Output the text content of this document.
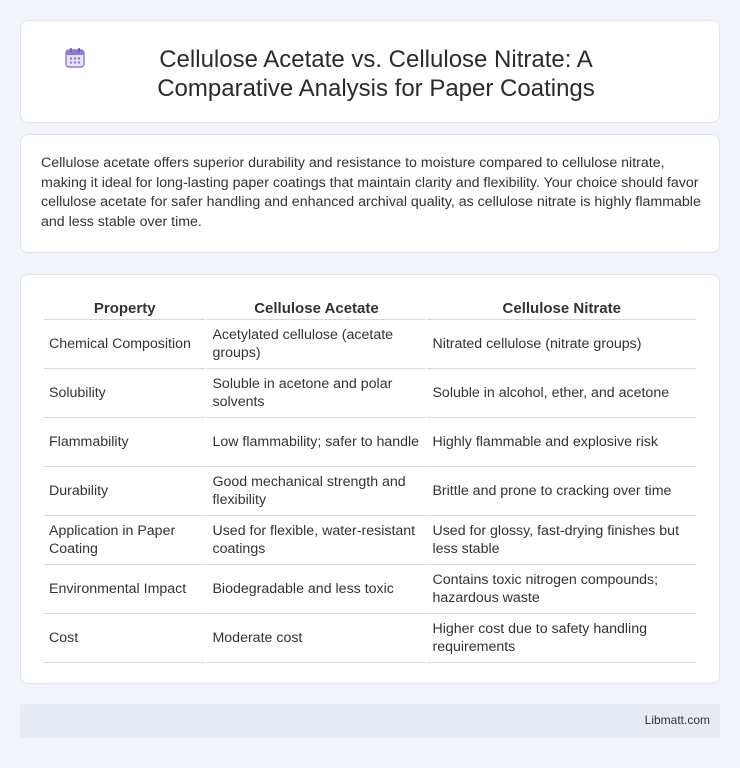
Cellulose Acetate vs. Cellulose Nitrate: A Comparative Analysis for Paper Coatings

Cellulose acetate offers superior durability and resistance to moisture compared to cellulose nitrate, making it ideal for long-lasting paper coatings that maintain clarity and flexibility. Your choice should favor cellulose acetate for safer handling and enhanced archival quality, as cellulose nitrate is highly flammable and less stable over time.

Property	Cellulose Acetate	Cellulose Nitrate
Chemical Composition	Acetylated cellulose (acetate groups)	Nitrated cellulose (nitrate groups)
Solubility	Soluble in acetone and polar solvents	Soluble in alcohol, ether, and acetone
Flammability	Low flammability; safer to handle	Highly flammable and explosive risk
Durability	Good mechanical strength and flexibility	Brittle and prone to cracking over time
Application in Paper Coating	Used for flexible, water-resistant coatings	Used for glossy, fast-drying finishes but less stable
Environmental Impact	Biodegradable and less toxic	Contains toxic nitrogen compounds; hazardous waste
Cost	Moderate cost	Higher cost due to safety handling requirements
Libmatt.com
